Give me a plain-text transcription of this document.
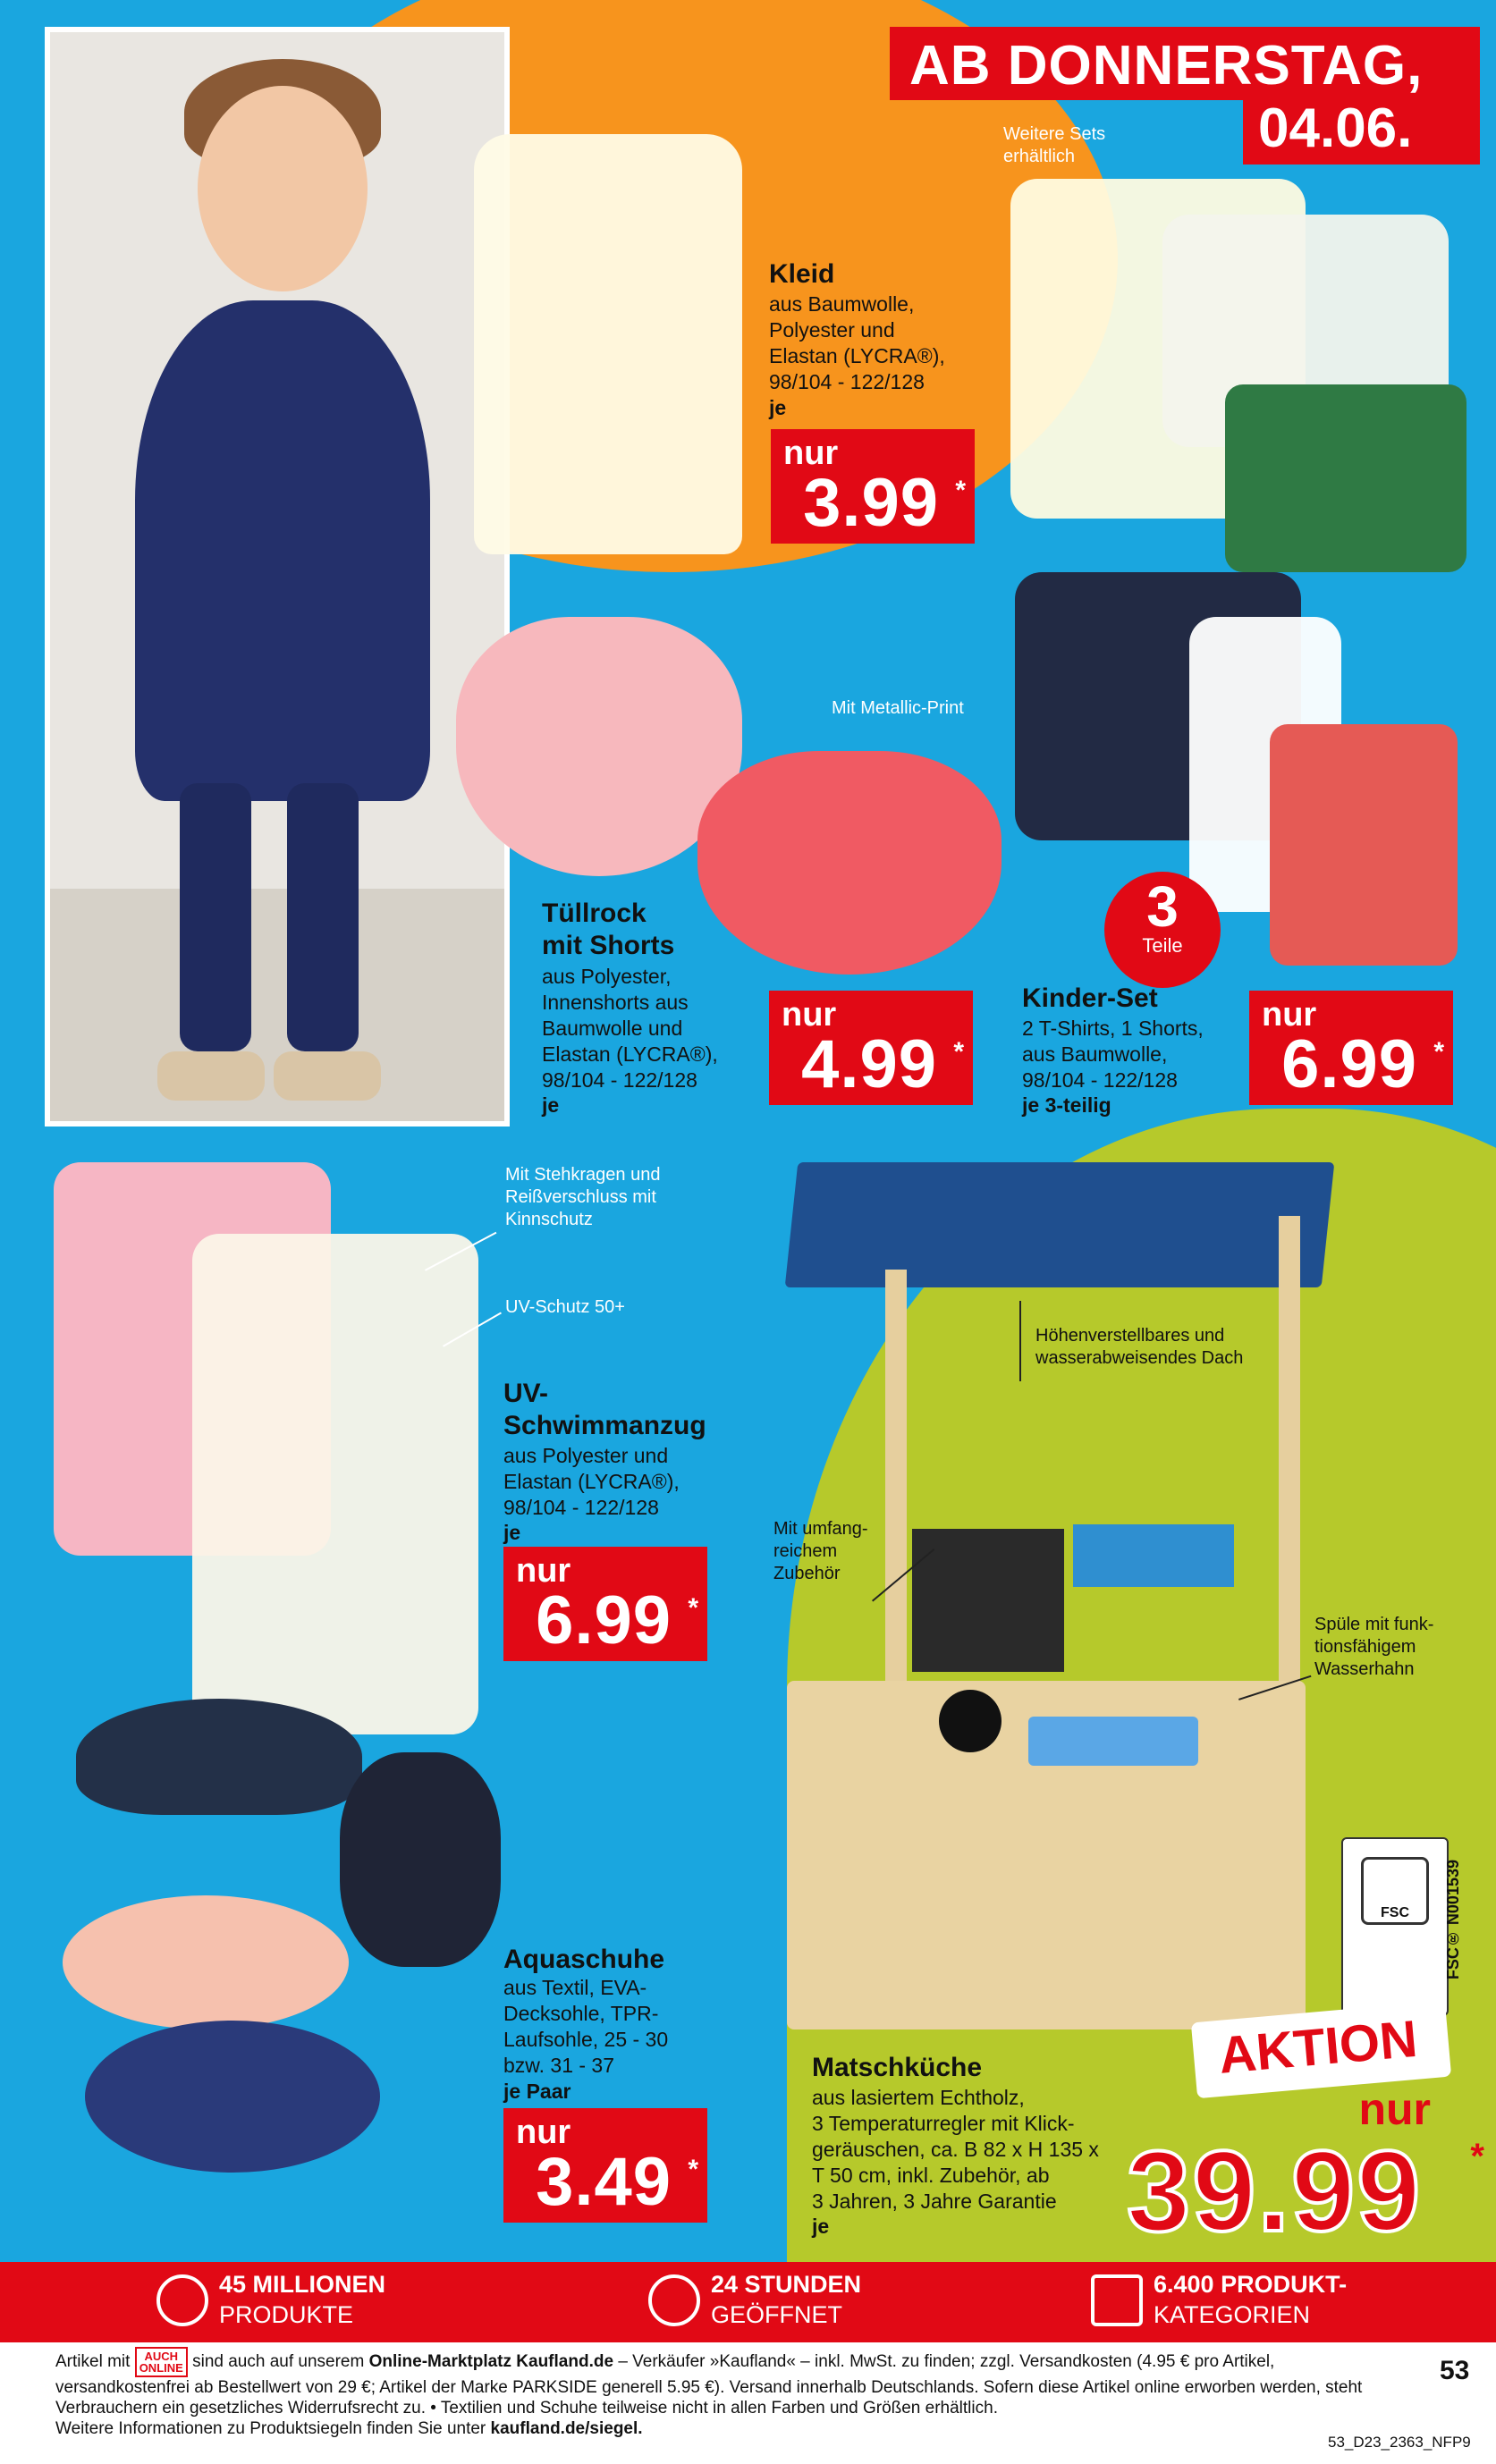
AB DONNERSTAG,
04.06.
Kleid
aus Baumwolle,
Polyester und
Elastan (LYCRA®),
98/104 - 122/128
je
nur
3.99 *
Weitere Sets
erhältlich
Mit Metallic-Print
Tüllrock
mit Shorts
aus Polyester,
Innenshorts aus
Baumwolle und
Elastan (LYCRA®),
98/104 - 122/128
je
nur
4.99 *
3
Teile
Kinder-Set
2 T-Shirts, 1 Shorts,
aus Baumwolle,
98/104 - 122/128
je 3-teilig
nur
6.99 *
Mit Stehkragen und
Reißverschluss mit
Kinnschutz
UV-Schutz 50+
UV-
Schwimmanzug
aus Polyester und
Elastan (LYCRA®),
98/104 - 122/128
je
nur
6.99 *
Aquaschuhe
aus Textil, EVA-
Decksohle, TPR-
Laufsohle, 25 - 30
bzw. 31 - 37
je Paar
nur
3.49 *
Höhenverstellbares und
wasserabweisendes Dach
Mit umfang-
reichem
Zubehör
Spüle mit funk-
tionsfähigem
Wasserhahn
FSC	FSC® N001539
Matschküche
aus lasiertem Echtholz,
3 Temperaturregler mit Klick-
geräuschen, ca. B 82 x H 135 x
T 50 cm, inkl. Zubehör, ab
3 Jahren, 3 Jahre Garantie
je
AKTION
nur
39.99 *
45 MILLIONEN
PRODUKTE
24 STUNDEN
GEÖFFNET
6.400 PRODUKT-
KATEGORIEN
Artikel mit AUCH
ONLINE sind auch auf unserem Online-Marktplatz Kaufland.de – Verkäufer »Kaufland« – inkl. MwSt. zu finden; zzgl. Versandkosten (4.95 € pro Artikel, versandkostenfrei ab Bestellwert von 29 €; Artikel der Marke PARKSIDE generell 5.95 €). Versand innerhalb Deutschlands. Sofern diese Artikel online erworben werden, steht Verbrauchern ein gesetzliches Widerrufsrecht zu. • Textilien und Schuhe teilweise nicht in allen Farben und Größen erhältlich.
Weitere Informationen zu Produktsiegeln finden Sie unter kaufland.de/siegel.
53
53_D23_2363_NFP9
